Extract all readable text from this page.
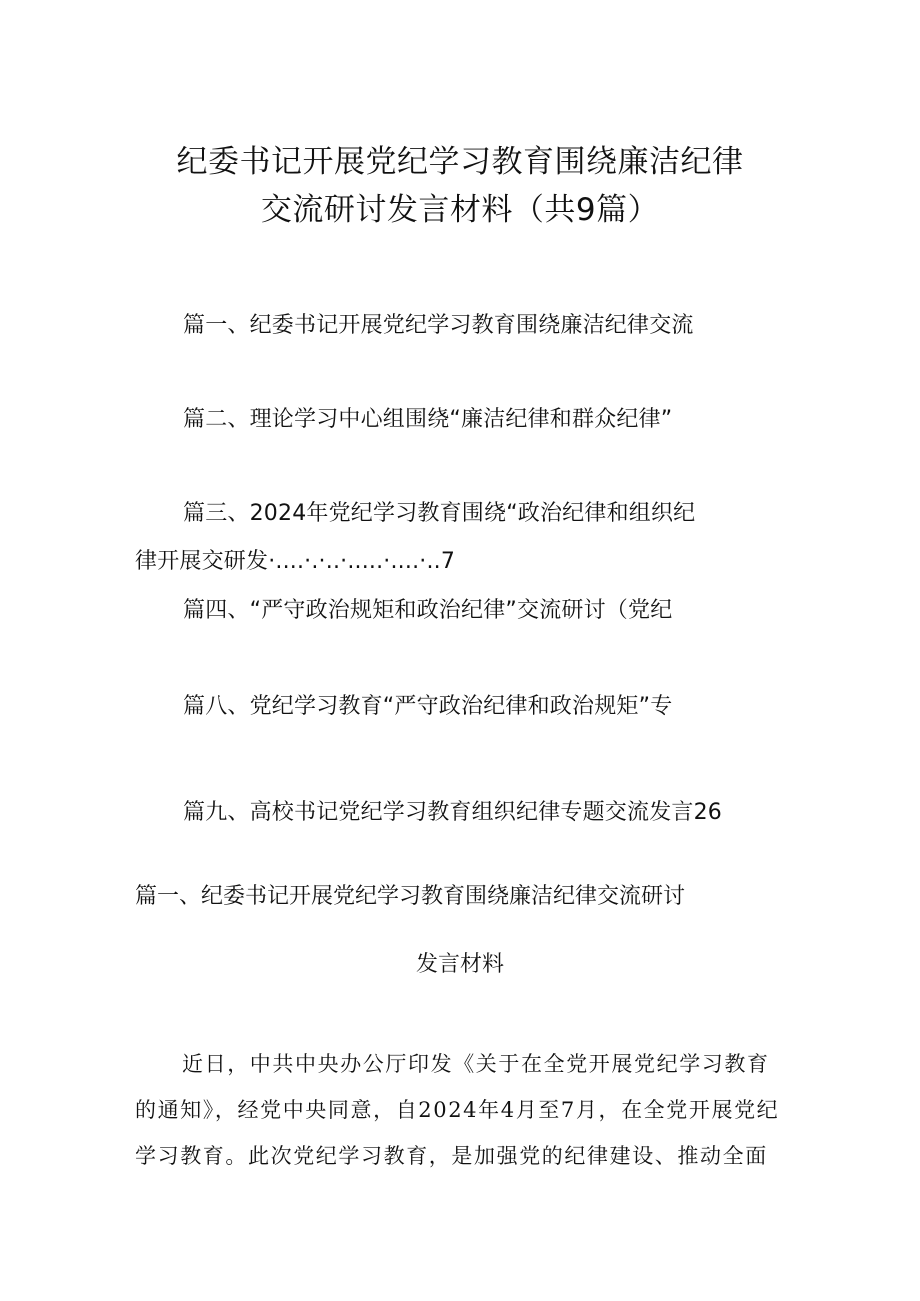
纪委书记开展党纪学习教育围绕廉洁纪律
交流研讨发言材料（共9篇）
篇一、纪委书记开展党纪学习教育围绕廉洁纪律交流
篇二、理论学习中心组围绕“廉洁纪律和群众纪律”
篇三、2024年党纪学习教育围绕“政治纪律和组织纪
律开展交研发·....·.·..·.....·....·..7
篇四、“严守政治规矩和政治纪律”交流研讨（党纪
篇八、党纪学习教育“严守政治纪律和政治规矩”专
篇九、高校书记党纪学习教育组织纪律专题交流发言26
篇一、纪委书记开展党纪学习教育围绕廉洁纪律交流研讨
发言材料
近日，中共中央办公厅印发《关于在全党开展党纪学习教育
的通知》，经党中央同意，自2024年4月至7月，在全党开展党纪
学习教育。此次党纪学习教育，是加强党的纪律建设、推动全面
